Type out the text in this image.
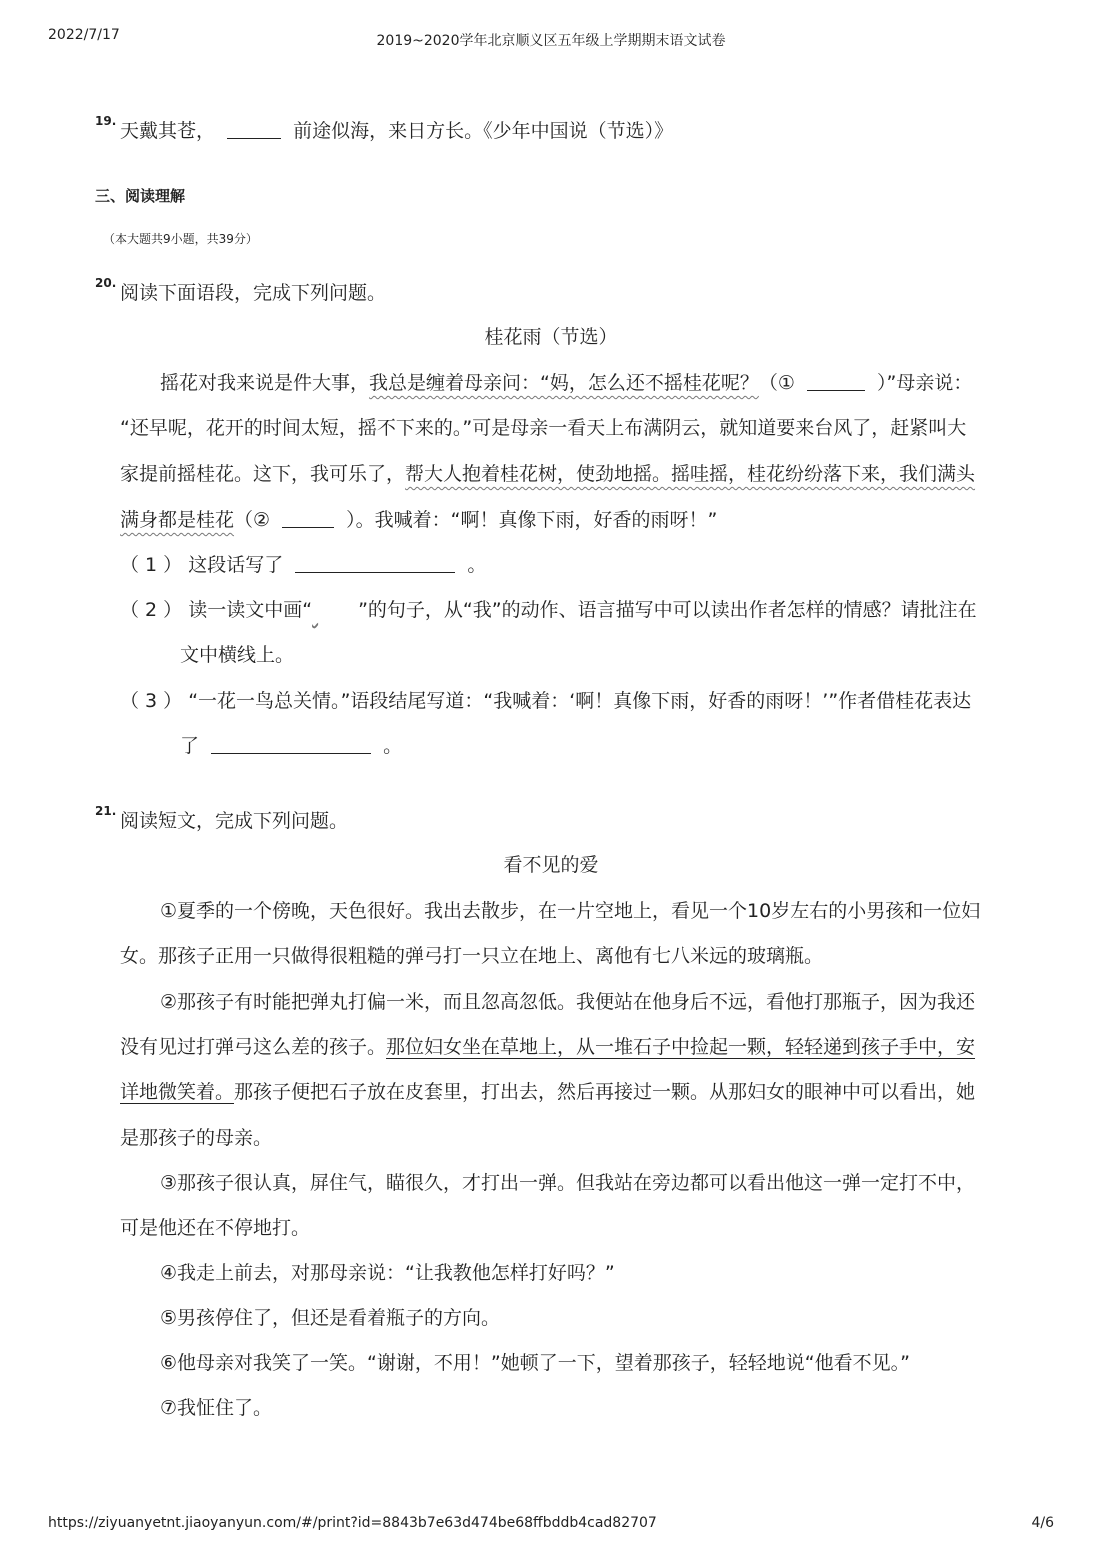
2022/7/17	2019~2020学年北京顺义区五年级上学期期末语文试卷
19. 天戴其苍，	前途似海，来日方长。《少年中国说（节选）》
三、阅读理解
（本大题共9小题，共39分）
20. 阅读下面语段，完成下列问题。
桂花雨（节选）
摇花对我来说是件大事，我总是缠着母亲问：“妈，怎么还不摇桂花呢？（①	）”母亲说：
“还早呢，花开的时间太短，摇不下来的。”可是母亲一看天上布满阴云，就知道要来台风了，赶紧叫大
家提前摇桂花。这下，我可乐了，帮大人抱着桂花树，使劲地摇。摇哇摇，桂花纷纷落下来，我们满头
满身都是桂花（②	）。我喊着：“啊！真像下雨，好香的雨呀！”
（ 1 ） 这段话写了	。
（ 2 ） 读一读文中画“ ”的句子，从“我”的动作、语言描写中可以读出作者怎样的情感？请批注在
文中横线上。
（ 3 ） “一花一鸟总关情。”语段结尾写道：“我喊着：‘啊！真像下雨，好香的雨呀！’”作者借桂花表达
了	。
21. 阅读短文，完成下列问题。
看不见的爱
①夏季的一个傍晚，天色很好。我出去散步，在一片空地上，看见一个10岁左右的小男孩和一位妇
女。那孩子正用一只做得很粗糙的弹弓打一只立在地上、离他有七八米远的玻璃瓶。
②那孩子有时能把弹丸打偏一米，而且忽高忽低。我便站在他身后不远，看他打那瓶子，因为我还
没有见过打弹弓这么差的孩子。那位妇女坐在草地上，从一堆石子中捡起一颗，轻轻递到孩子手中，安
详地微笑着。那孩子便把石子放在皮套里，打出去，然后再接过一颗。从那妇女的眼神中可以看出，她
是那孩子的母亲。
③那孩子很认真，屏住气，瞄很久，才打出一弹。但我站在旁边都可以看出他这一弹一定打不中，
可是他还在不停地打。
④我走上前去，对那母亲说：“让我教他怎样打好吗？”
⑤男孩停住了，但还是看着瓶子的方向。
⑥他母亲对我笑了一笑。“谢谢，不用！”她顿了一下，望着那孩子，轻轻地说“他看不见。”
⑦我怔住了。
https://ziyuanyetnt.jiaoyanyun.com/#/print?id=8843b7e63d474be68ffbddb4cad82707	4/6
